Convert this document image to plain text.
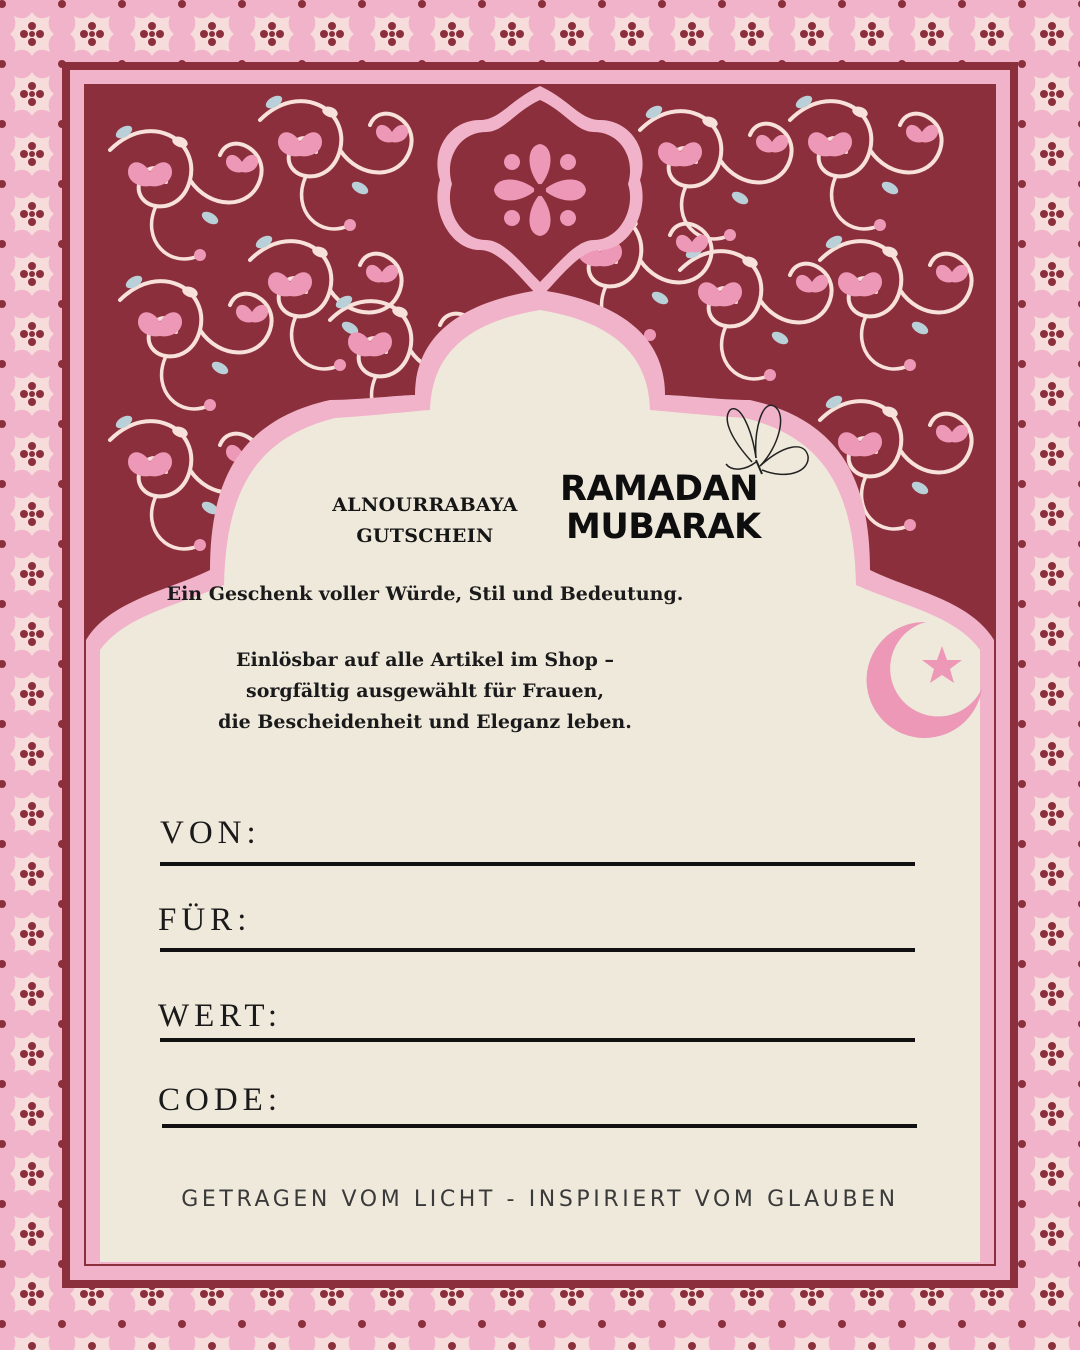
ALNOURRABAYA
GUTSCHEIN
RAMADAN
MUBARAK
Ein Geschenk voller Würde, Stil und Bedeutung.
Einlösbar auf alle Artikel im Shop –
sorgfältig ausgewählt für Frauen,
die Bescheidenheit und Eleganz leben.
VON:
FÜR:
WERT:
CODE:
GETRAGEN VOM LICHT - INSPIRIERT VOM GLAUBEN
